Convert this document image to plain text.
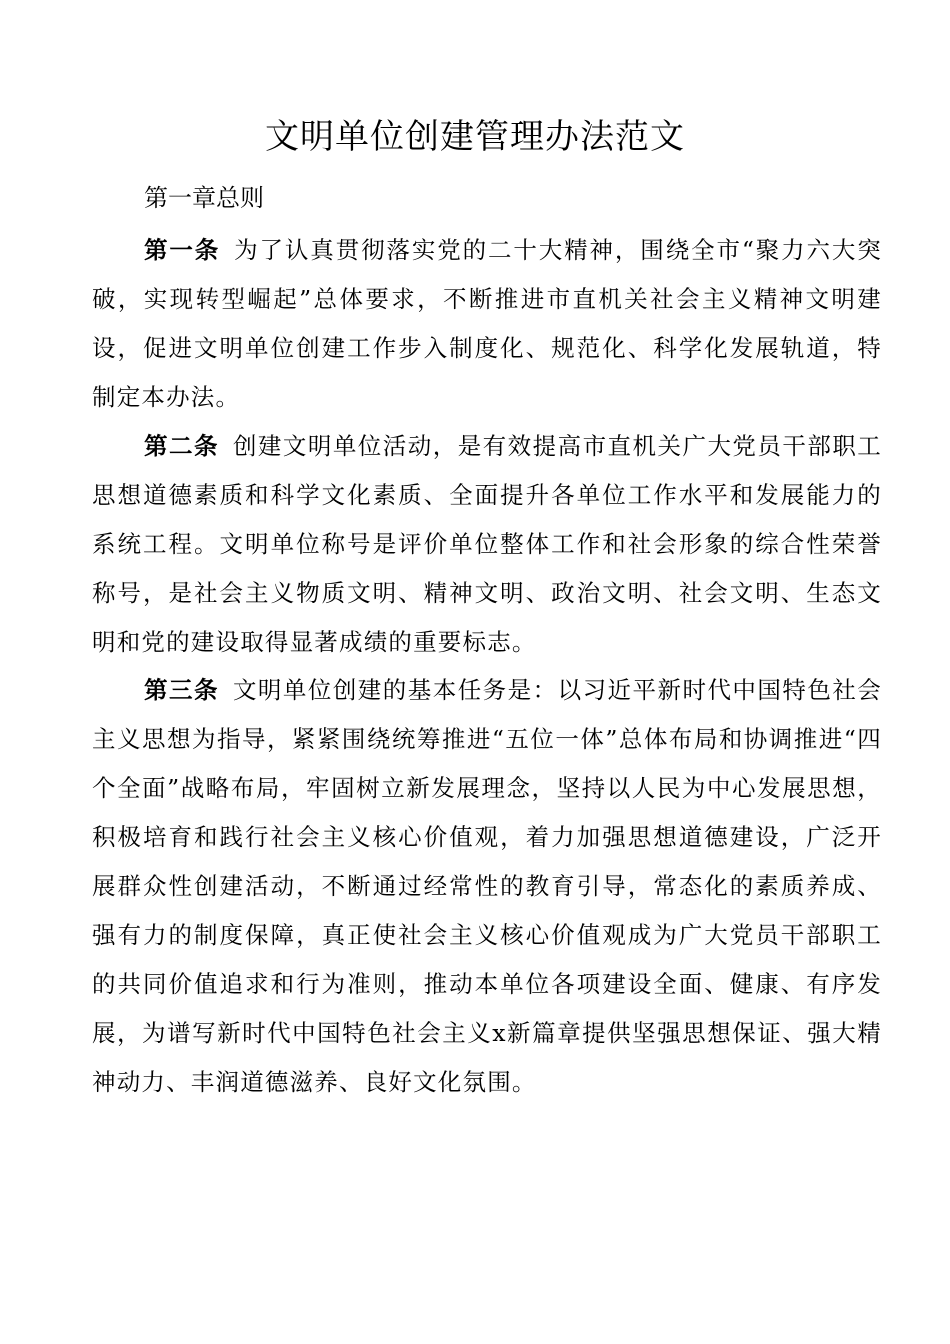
文明单位创建管理办法范文
第一章总则

第一条 为了认真贯彻落实党的二十大精神，围绕全市“聚力六大突破，实现转型崛起”总体要求，不断推进市直机关社会主义精神文明建设，促进文明单位创建工作步入制度化、规范化、科学化发展轨道，特制定本办法。

第二条 创建文明单位活动，是有效提高市直机关广大党员干部职工思想道德素质和科学文化素质、全面提升各单位工作水平和发展能力的系统工程。文明单位称号是评价单位整体工作和社会形象的综合性荣誉称号，是社会主义物质文明、精神文明、政治文明、社会文明、生态文明和党的建设取得显著成绩的重要标志。

第三条 文明单位创建的基本任务是：以习近平新时代中国特色社会主义思想为指导，紧紧围绕统筹推进“五位一体”总体布局和协调推进“四个全面”战略布局，牢固树立新发展理念，坚持以人民为中心发展思想，积极培育和践行社会主义核心价值观，着力加强思想道德建设，广泛开展群众性创建活动，不断通过经常性的教育引导，常态化的素质养成、强有力的制度保障，真正使社会主义核心价值观成为广大党员干部职工的共同价值追求和行为准则，推动本单位各项建设全面、健康、有序发展，为谱写新时代中国特色社会主义x新篇章提供坚强思想保证、强大精神动力、丰润道德滋养、良好文化氛围。
